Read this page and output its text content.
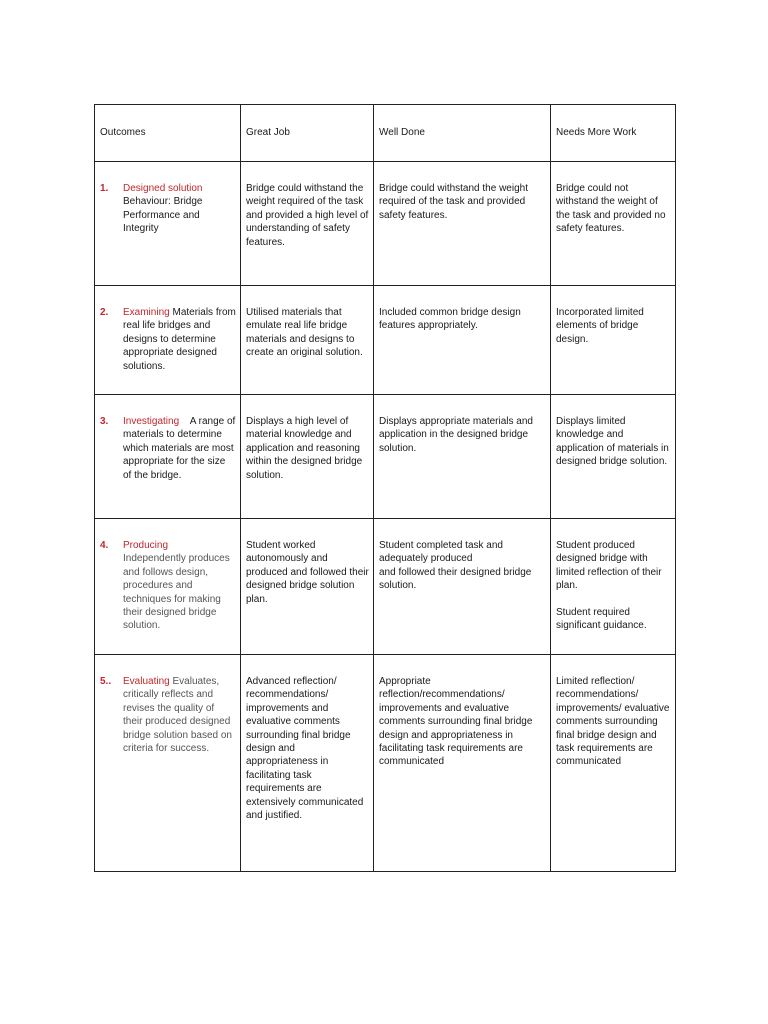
Outcomes	Great Job	Well Done	Needs More Work

1. Designed solution
Behaviour: Bridge Performance and Integrity	Bridge could withstand the weight required of the task and provided a high level of understanding of safety features.	Bridge could withstand the weight required of the task and provided safety features.	Bridge could not withstand the weight of the task and provided no safety features.

2. Examining Materials from real life bridges and designs to determine appropriate designed solutions.	Utilised materials that emulate real life bridge materials and designs to create an original solution.	Included common bridge design features appropriately.	Incorporated limited elements of bridge design.

3. Investigating A range of materials to determine which materials are most appropriate for the size of the bridge.	Displays a high level of material knowledge and application and reasoning within the designed bridge solution.	Displays appropriate materials and application in the designed bridge solution.	Displays limited knowledge and application of materials in designed bridge solution.

4. Producing
Independently produces and follows design, procedures and techniques for making their designed bridge solution.	Student worked autonomously and produced and followed their designed bridge solution plan.	Student completed task and adequately produced
and followed their designed bridge solution.	Student produced designed bridge with limited reflection of their plan.
Student required significant guidance.

5.. Evaluating Evaluates, critically reflects and revises the quality of their produced designed bridge solution based on criteria for success.	Advanced reflection/ recommendations/ improvements and evaluative comments surrounding final bridge design and appropriateness in facilitating task requirements are extensively communicated and justified.	Appropriate reflection/recommendations/ improvements and evaluative comments surrounding final bridge design and appropriateness in facilitating task requirements are communicated	Limited reflection/ recommendations/ improvements/ evaluative comments surrounding final bridge design and task requirements are communicated
